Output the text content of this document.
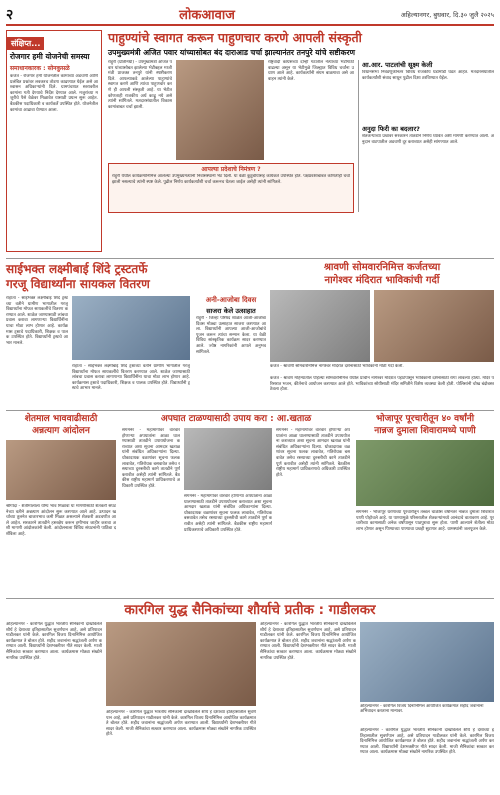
२	लोकआवाज	अहिल्यानगर, बुधवार, दि.३० जुलै २०२५
संक्षिप्त...
रोजगार हमी योजनेची समस्या
समाधानकारक : सोनकुसळे
कर्जत - रोजगार हमी योजनेतील कामांच्या अडचणी आणि प्रलंबित प्रश्नांवर लवकरच तोडगा काढण्यात येईल असे आश्वासन अधिकाऱ्यांनी दिले. ग्रामपंचायत स्तरावरील कामांना गती देण्याचे निर्देश देण्यात आले. मजुरांच्या मजुरीचे पैसे वेळेवर मिळावेत यासाठी प्रयत्न सुरू आहेत. बैठकीस पदाधिकारी व कार्यकर्ते उपस्थित होते. योजनेतील कामांचा आढावा घेण्यात आला.
पाहुण्यांचे स्वागत करून पाहुणचार करणे आपली संस्कृती
उपमुख्यमंत्री अजित पवार यांच्यासोबत बंद दाराआड चर्चा झाल्यानंतर तनपुरे यांचे सष्टीकरण
राहुरी (प्रतिनिधी) - उपमुख्यमंत्री अजित पवार यांच्यासोबत झालेल्या भेटीबद्दल माजी मंत्री प्राजक्त तनपुरे यांनी स्पष्टीकरण दिले. आपल्याकडे आलेल्या पाहुण्यांचे स्वागत करणे आणि त्यांचा पाहुणचार करणे ही आपली संस्कृती आहे. या भेटीत कोणताही राजकीय अर्थ काढू नये असे त्यांनी सांगितले. मतदारसंघातील विकासकामांबाबत चर्चा झाली.
राष्ट्रवादी काँग्रेसच्या दोन्ही गटांतील नेत्यांच्या भेटीगाठी वाढल्या असून या भेटीमुळे जिल्ह्यात विविध चर्चांना उधाण आले आहे. कार्यकर्त्यांनी संयम बाळगावा असे आवाहन त्यांनी केले.
आपल्या प्रदेशाचे निमंत्रण ?
राहुरी येथील कार्यक्रमानिमित्त आलेल्या उपमुख्यमंत्र्यांनी निवासस्थानी भेट दिली. या वेळी कुटुंबीयांसह कार्यकर्ते उपस्थित होते. पक्षप्रवेशाबाबत कोणतीही चर्चा झाली नसल्याचे त्यांनी स्पष्ट केले. पुढील निर्णय कार्यकर्त्यांशी चर्चा करूनच घेतला जाईल असेही त्यांनी सांगितले.
आ.आर. पाटलांची सूक्ष्म केली
विधानसभा निवडणुकीनंतर विविध राजकीय घडामोडी घडत आहेत. मतदारसंघातील कार्यकर्त्यांशी संवाद साधून पुढील दिशा ठरविण्यात येईल.
अनुदा फिरी का बदलार?
शेतकऱ्यांच्या प्रश्नांवर सरकारने तातडीने निर्णय घ्यावेत अशी मागणी करण्यात आली. अनुदान वाटपातील अडचणी दूर कराव्यात असेही सांगण्यात आले.
साईभक्त लक्ष्मीबाई शिंदे ट्रस्टतर्फे
गरजू विद्यार्थ्यांना सायकल वितरण
राहाता - साईभक्त लक्ष्मीबाई शिंदे ट्रस्टच्या वतीने ग्रामीण भागातील गरजू विद्यार्थ्यांना मोफत सायकलींचे वितरण करण्यात आले. शाळेत जाण्यासाठी लांबचा प्रवास करावा लागणाऱ्या विद्यार्थिनींना याचा मोठा लाभ होणार आहे. कार्यक्रमास ट्रस्टचे पदाधिकारी, शिक्षक व पालक उपस्थित होते. विद्यार्थ्यांनी ट्रस्टचे आभार मानले.
राहाता - साईभक्त लक्ष्मीबाई शिंदे ट्रस्टच्या वतीने ग्रामीण भागातील गरजू विद्यार्थ्यांना मोफत सायकलींचे वितरण करण्यात आले. शाळेत जाण्यासाठी लांबचा प्रवास करावा लागणाऱ्या विद्यार्थिनींना याचा मोठा लाभ होणार आहे. कार्यक्रमास ट्रस्टचे पदाधिकारी, शिक्षक व पालक उपस्थित होते. विद्यार्थ्यांनी ट्रस्टचे आभार मानले.
अनी-आजोबा दिवस
साजरा केले उत्साहात
राहुरी - जिल्हा परिषद शाळेत आजी-आजोबा दिवस मोठ्या उत्साहात साजरा करण्यात आला. विद्यार्थ्यांनी आपल्या आजी-आजोबांचे पूजन करून त्यांचा सन्मान केला. या वेळी विविध सांस्कृतिक कार्यक्रम सादर करण्यात आले. ज्येष्ठ नागरिकांनी आपले अनुभव सांगितले.
श्रावणी सोमवारनिमित्त कर्जतच्या
नागेश्वर मंदिरात भाविकांची गर्दी
कर्जत - श्रावणी सोमवारनिमित्त नागेश्वर मंदिरात दर्शनासाठी भाविकांनी मोठी गर्दी केली.
कर्जत - श्रावण महिन्यातील पहिल्या सोमवारनिमित्त येथील प्राचीन नागेश्वर मंदिरात पहाटेपासून भाविकांनी दर्शनासाठी रांगा लावल्या होत्या. मंदिर परिसरात भजन, कीर्तनाचे आयोजन करण्यात आले होते. भाविकांच्या सोयीसाठी मंदिर समितीने विशेष व्यवस्था केली होती. पोलिसांनी चोख बंदोबस्त ठेवला होता.
शेतमाल भाववाढीसाठी
अन्नत्याग आंदोलन
श्रीगोंदा - शेतीमालाला योग्य भाव मिळावा या मागणीसाठी शेतकरी संघटनेच्या वतीने अन्नत्याग आंदोलन सुरू करण्यात आले आहे. उत्पादन खर्चाच्या तुलनेत बाजारभाव कमी मिळत असल्याने शेतकरी अडचणीत आले आहेत. सरकारने तातडीने हस्तक्षेप करून हमीभाव जाहीर करावा अशी मागणी आंदोलकांनी केली. आंदोलनाला विविध संघटनांनी पाठिंबा दर्शविला आहे.
अपघात टाळण्यासाठी उपाय करा : आ.खताळ
संगमनेर - महामार्गावर वारंवार होणाऱ्या अपघातांना आळा घालण्यासाठी तातडीने उपाययोजना कराव्यात अशा सूचना आमदार खताळ यांनी संबंधित अधिकाऱ्यांना दिल्या. धोकादायक वळणांवर सूचना फलक लावावेत, गतिरोधक बसवावेत तसेच रस्त्याच्या दुरुस्तीची कामे तातडीने पूर्ण करावीत असेही त्यांनी सांगितले. बैठकीस राष्ट्रीय महामार्ग प्राधिकरणाचे अधिकारी उपस्थित होते.
संगमनेर - महामार्गावर वारंवार होणाऱ्या अपघातांना आळा घालण्यासाठी तातडीने उपाययोजना कराव्यात अशा सूचना आमदार खताळ यांनी संबंधित अधिकाऱ्यांना दिल्या. धोकादायक वळणांवर सूचना फलक लावावेत, गतिरोधक बसवावेत तसेच रस्त्याच्या दुरुस्तीची कामे तातडीने पूर्ण करावीत असेही त्यांनी सांगितले. बैठकीस राष्ट्रीय महामार्ग प्राधिकरणाचे अधिकारी उपस्थित होते.
संगमनेर - महामार्गावर वारंवार होणाऱ्या अपघातांना आळा घालण्यासाठी तातडीने उपाययोजना कराव्यात अशा सूचना आमदार खताळ यांनी संबंधित अधिकाऱ्यांना दिल्या. धोकादायक वळणांवर सूचना फलक लावावेत, गतिरोधक बसवावेत तसेच रस्त्याच्या दुरुस्तीची कामे तातडीने पूर्ण करावीत असेही त्यांनी सांगितले. बैठकीस राष्ट्रीय महामार्ग प्राधिकरणाचे अधिकारी उपस्थित होते.
भोजापूर पूरचारीतून ४० वर्षांनी
नान्नज दुमाला शिवारामध्ये पाणी
संगमनेर - भोजापूर धरणाच्या पूरचारीतून तब्बल चाळीस वर्षांनंतर नान्नज दुमाला शिवारात पाणी पोहोचले आहे. या पाण्यामुळे परिसरातील शेतकऱ्यांमध्ये आनंदाचे वातावरण आहे. पूरचारीच्या कामासाठी अनेक वर्षांपासून पाठपुरावा सुरू होता. पाणी आल्याने शेतीला मोठा लाभ होणार असून पिण्याच्या पाण्याचा प्रश्नही सुटणार आहे. ग्रामस्थांनी जलपूजन केले.
कारगिल युद्ध सैनिकांच्या शौर्याचे प्रतीक : गाडीलकर
अहिल्यानगर - कारगिल युद्धात भारतीय सैनिकांनी दाखविलेले शौर्य हे देशाच्या इतिहासातील सुवर्णपान आहे, असे प्रतिपादन गाडीलकर यांनी केले. कारगिल विजय दिनानिमित्त आयोजित कार्यक्रमात ते बोलत होते. शहीद जवानांना श्रद्धांजली अर्पण करण्यात आली. विद्यार्थ्यांनी देशभक्तीपर गीते सादर केली. माजी सैनिकांचा सत्कार करण्यात आला. कार्यक्रमास मोठ्या संख्येने नागरिक उपस्थित होते.
अहिल्यानगर - कारगिल युद्धात भारतीय सैनिकांनी दाखविलेले शौर्य हे देशाच्या इतिहासातील सुवर्णपान आहे, असे प्रतिपादन गाडीलकर यांनी केले. कारगिल विजय दिनानिमित्त आयोजित कार्यक्रमात ते बोलत होते. शहीद जवानांना श्रद्धांजली अर्पण करण्यात आली. विद्यार्थ्यांनी देशभक्तीपर गीते सादर केली. माजी सैनिकांचा सत्कार करण्यात आला. कार्यक्रमास मोठ्या संख्येने नागरिक उपस्थित होते.
अहिल्यानगर - कारगिल युद्धात भारतीय सैनिकांनी दाखविलेले शौर्य हे देशाच्या इतिहासातील सुवर्णपान आहे, असे प्रतिपादन गाडीलकर यांनी केले. कारगिल विजय दिनानिमित्त आयोजित कार्यक्रमात ते बोलत होते. शहीद जवानांना श्रद्धांजली अर्पण करण्यात आली. विद्यार्थ्यांनी देशभक्तीपर गीते सादर केली. माजी सैनिकांचा सत्कार करण्यात आला. कार्यक्रमास मोठ्या संख्येने नागरिक उपस्थित होते.
अहिल्यानगर - कारगिल विजय दिनानिमित्त आयोजित कार्यक्रमात शहीद जवानांना अभिवादन करताना मान्यवर.
अहिल्यानगर - कारगिल युद्धात भारतीय सैनिकांनी दाखविलेले शौर्य हे देशाच्या इतिहासातील सुवर्णपान आहे, असे प्रतिपादन गाडीलकर यांनी केले. कारगिल विजय दिनानिमित्त आयोजित कार्यक्रमात ते बोलत होते. शहीद जवानांना श्रद्धांजली अर्पण करण्यात आली. विद्यार्थ्यांनी देशभक्तीपर गीते सादर केली. माजी सैनिकांचा सत्कार करण्यात आला. कार्यक्रमास मोठ्या संख्येने नागरिक उपस्थित होते.
